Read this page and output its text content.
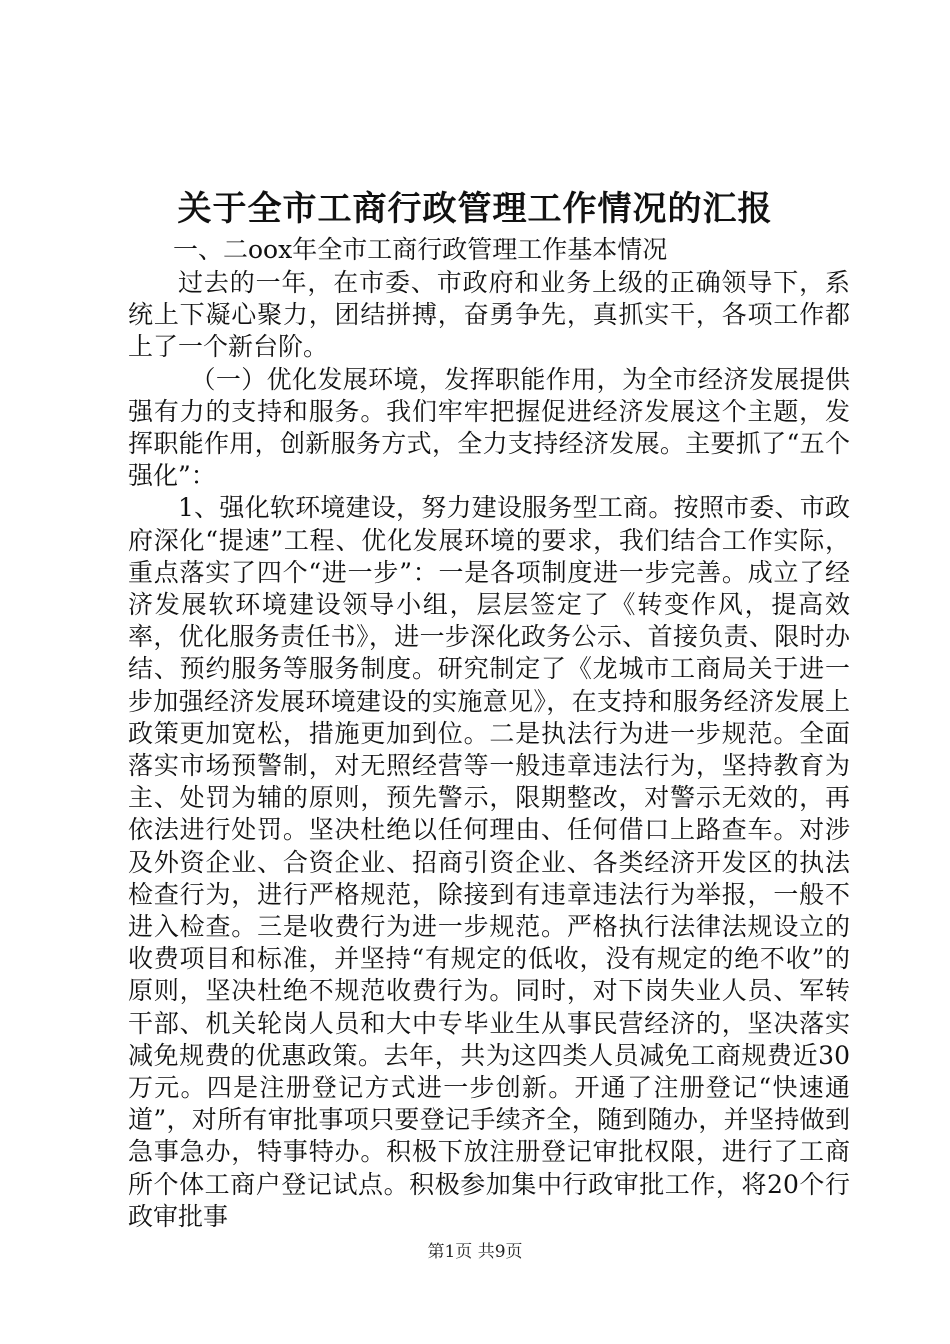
关于全市工商行政管理工作情况的汇报
一、二oox年全市工商行政管理工作基本情况

过去的一年，在市委、市政府和业务上级的正确领导下，系统上下凝心聚力，团结拼搏，奋勇争先，真抓实干，各项工作都上了一个新台阶。

（一）优化发展环境，发挥职能作用，为全市经济发展提供强有力的支持和服务。我们牢牢把握促进经济发展这个主题，发挥职能作用，创新服务方式，全力支持经济发展。主要抓了“五个强化”：

1、强化软环境建设，努力建设服务型工商。按照市委、市政府深化“提速”工程、优化发展环境的要求，我们结合工作实际，重点落实了四个“进一步”：一是各项制度进一步完善。成立了经济发展软环境建设领导小组，层层签定了《转变作风，提高效率，优化服务责任书》，进一步深化政务公示、首接负责、限时办结、预约服务等服务制度。研究制定了《龙城市工商局关于进一步加强经济发展环境建设的实施意见》，在支持和服务经济发展上政策更加宽松，措施更加到位。二是执法行为进一步规范。全面落实市场预警制，对无照经营等一般违章违法行为，坚持教育为主、处罚为辅的原则，预先警示，限期整改，对警示无效的，再依法进行处罚。坚决杜绝以任何理由、任何借口上路查车。对涉及外资企业、合资企业、招商引资企业、各类经济开发区的执法检查行为，进行严格规范，除接到有违章违法行为举报，一般不进入检查。三是收费行为进一步规范。严格执行法律法规设立的收费项目和标准，并坚持“有规定的低收，没有规定的绝不收”的原则，坚决杜绝不规范收费行为。同时，对下岗失业人员、军转干部、机关轮岗人员和大中专毕业生从事民营经济的，坚决落实减免规费的优惠政策。去年，共为这四类人员减免工商规费近30万元。四是注册登记方式进一步创新。开通了注册登记“快速通道”，对所有审批事项只要登记手续齐全，随到随办，并坚持做到急事急办，特事特办。积极下放注册登记审批权限，进行了工商所个体工商户登记试点。积极参加集中行政审批工作，将20个行政审批事

第1页 共9页
